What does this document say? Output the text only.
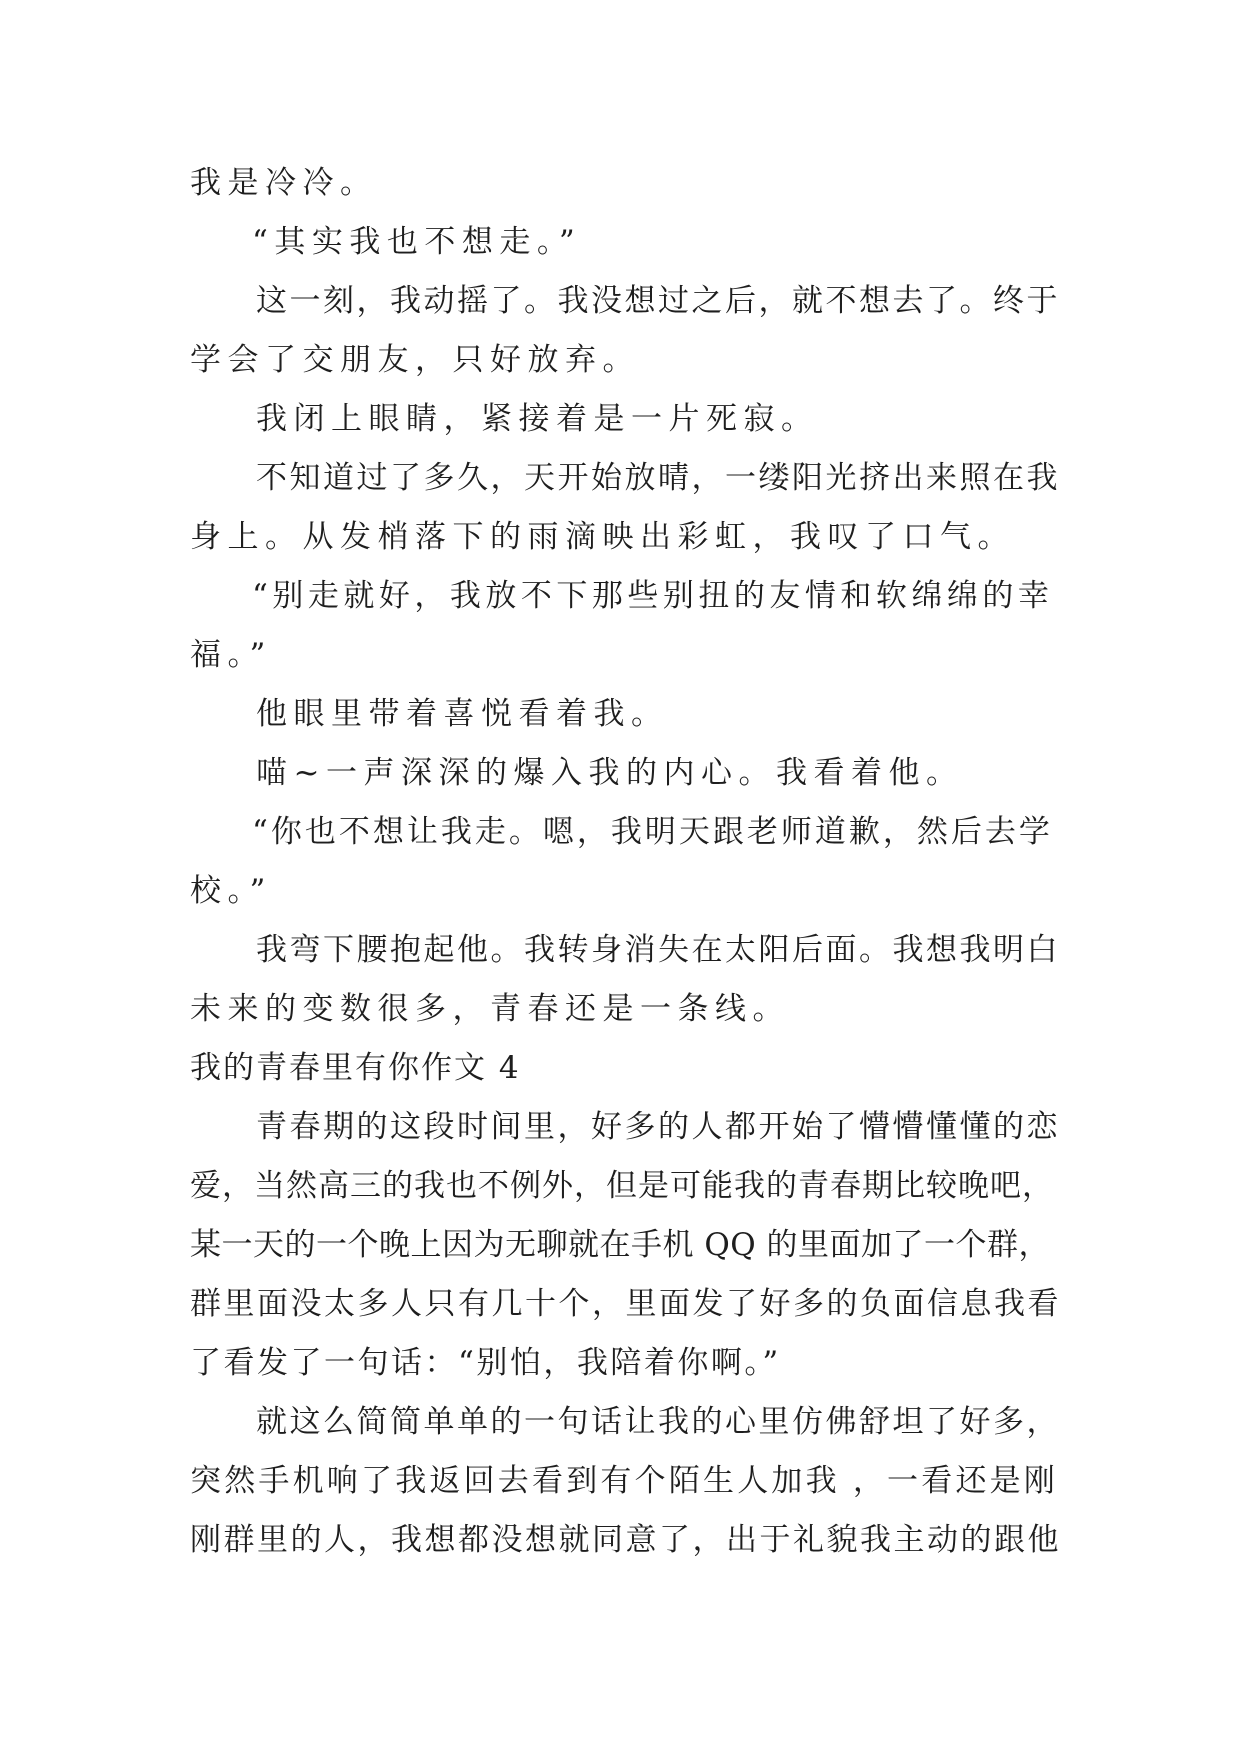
我是冷冷。
“其实我也不想走。”
这一刻，我动摇了。我没想过之后，就不想去了。终于
学会了交朋友，只好放弃。
我闭上眼睛，紧接着是一片死寂。
不知道过了多久，天开始放晴，一缕阳光挤出来照在我
身上。从发梢落下的雨滴映出彩虹，我叹了口气。
“别走就好，我放不下那些别扭的友情和软绵绵的幸
福。”
他眼里带着喜悦看着我。
喵~一声深深的爆入我的内心。我看着他。
“你也不想让我走。嗯，我明天跟老师道歉，然后去学
校。”
我弯下腰抱起他。我转身消失在太阳后面。我想我明白
未来的变数很多，青春还是一条线。
我的青春里有你作文 4
青春期的这段时间里，好多的人都开始了懵懵懂懂的恋
爱，当然高三的我也不例外，但是可能我的青春期比较晚吧，
某一天的一个晚上因为无聊就在手机 QQ 的里面加了一个群，
群里面没太多人只有几十个，里面发了好多的负面信息我看
了看发了一句话：“别怕，我陪着你啊。”
就这么简简单单的一句话让我的心里仿佛舒坦了好多，
突然手机响了我返回去看到有个陌生人加我 ，一看还是刚
刚群里的人，我想都没想就同意了，出于礼貌我主动的跟他
